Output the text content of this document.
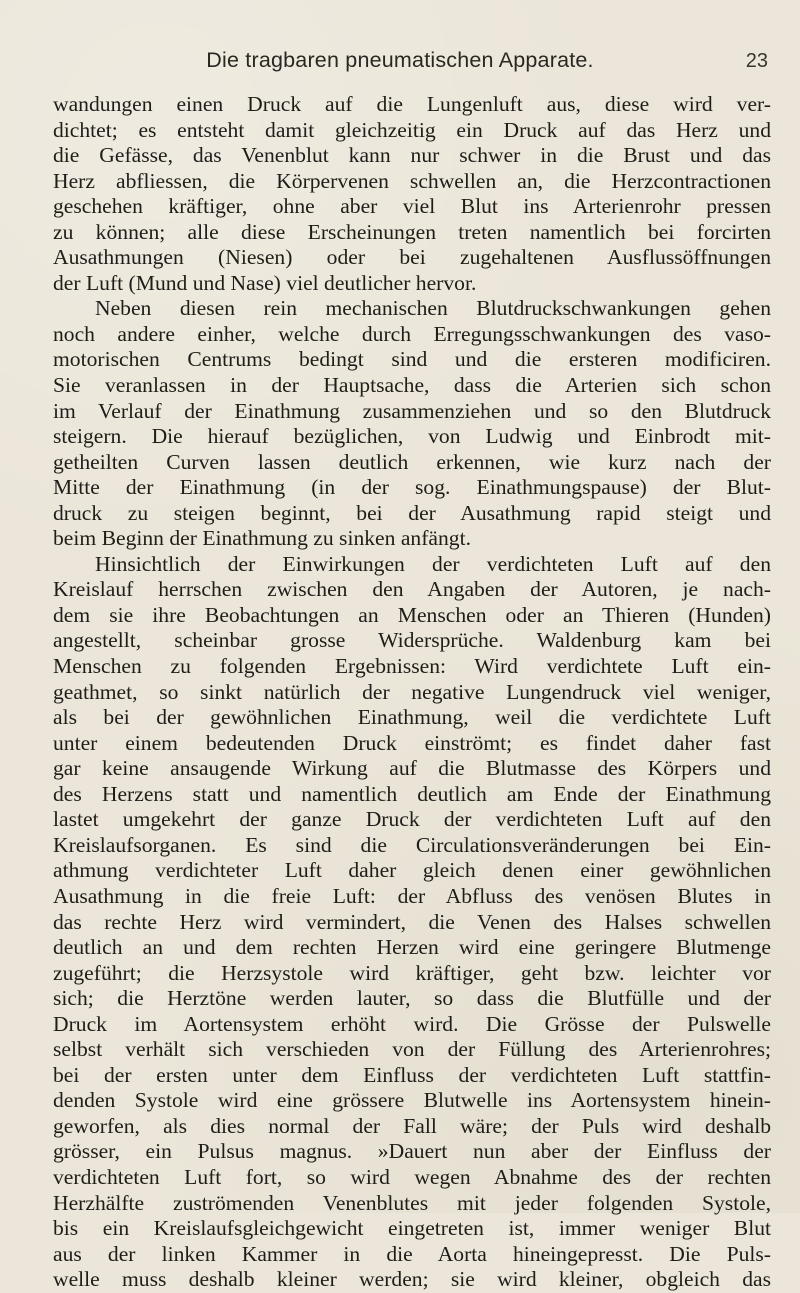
Die tragbaren pneumatischen Apparate.	23
wandungen einen Druck auf die Lungenluft aus, diese wird ver-
dichtet; es entsteht damit gleichzeitig ein Druck auf das Herz und
die Gefässe, das Venenblut kann nur schwer in die Brust und das
Herz abfliessen, die Körpervenen schwellen an, die Herzcontractionen
geschehen kräftiger, ohne aber viel Blut ins Arterienrohr pressen
zu können; alle diese Erscheinungen treten namentlich bei forcirten
Ausathmungen (Niesen) oder bei zugehaltenen Ausflussöffnungen
der Luft (Mund und Nase) viel deutlicher hervor.
Neben diesen rein mechanischen Blutdruckschwankungen gehen
noch andere einher, welche durch Erregungsschwankungen des vaso-
motorischen Centrums bedingt sind und die ersteren modificiren.
Sie veranlassen in der Hauptsache, dass die Arterien sich schon
im Verlauf der Einathmung zusammenziehen und so den Blutdruck
steigern. Die hierauf bezüglichen, von Ludwig und Einbrodt mit-
getheilten Curven lassen deutlich erkennen, wie kurz nach der
Mitte der Einathmung (in der sog. Einathmungspause) der Blut-
druck zu steigen beginnt, bei der Ausathmung rapid steigt und
beim Beginn der Einathmung zu sinken anfängt.
Hinsichtlich der Einwirkungen der verdichteten Luft auf den
Kreislauf herrschen zwischen den Angaben der Autoren, je nach-
dem sie ihre Beobachtungen an Menschen oder an Thieren (Hunden)
angestellt, scheinbar grosse Widersprüche. Waldenburg kam bei
Menschen zu folgenden Ergebnissen: Wird verdichtete Luft ein-
geathmet, so sinkt natürlich der negative Lungendruck viel weniger,
als bei der gewöhnlichen Einathmung, weil die verdichtete Luft
unter einem bedeutenden Druck einströmt; es findet daher fast
gar keine ansaugende Wirkung auf die Blutmasse des Körpers und
des Herzens statt und namentlich deutlich am Ende der Einathmung
lastet umgekehrt der ganze Druck der verdichteten Luft auf den
Kreislaufsorganen. Es sind die Circulationsveränderungen bei Ein-
athmung verdichteter Luft daher gleich denen einer gewöhnlichen
Ausathmung in die freie Luft: der Abfluss des venösen Blutes in
das rechte Herz wird vermindert, die Venen des Halses schwellen
deutlich an und dem rechten Herzen wird eine geringere Blutmenge
zugeführt; die Herzsystole wird kräftiger, geht bzw. leichter vor
sich; die Herztöne werden lauter, so dass die Blutfülle und der
Druck im Aortensystem erhöht wird. Die Grösse der Pulswelle
selbst verhält sich verschieden von der Füllung des Arterienrohres;
bei der ersten unter dem Einfluss der verdichteten Luft stattfin-
denden Systole wird eine grössere Blutwelle ins Aortensystem hinein-
geworfen, als dies normal der Fall wäre; der Puls wird deshalb
grösser, ein Pulsus magnus. »Dauert nun aber der Einfluss der
verdichteten Luft fort, so wird wegen Abnahme des der rechten
Herzhälfte zuströmenden Venenblutes mit jeder folgenden Systole,
bis ein Kreislaufsgleichgewicht eingetreten ist, immer weniger Blut
aus der linken Kammer in die Aorta hineingepresst. Die Puls-
welle muss deshalb kleiner werden; sie wird kleiner, obgleich das
